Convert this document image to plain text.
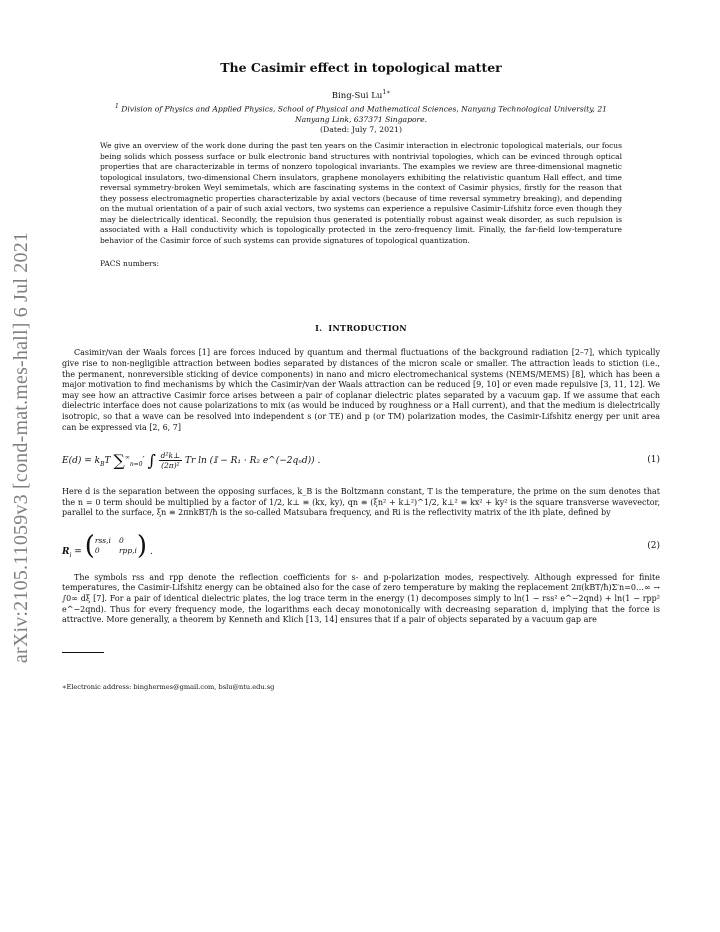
arXiv:2105.11059v3 [cond-mat.mes-hall] 6 Jul 2021
The Casimir effect in topological matter
Bing-Sui $Lu^{1∗}$
$^1$ Division of Physics and Applied Physics, School of Physical and Mathematical Sciences, Nanyang Technological University, 21 Nanyang Link, 637371 Singapore.
(Dated: July 7, 2021)
We give an overview of the work done during the past ten years on the Casimir interaction in electronic topological materials, our focus being solids which possess surface or bulk electronic band structures with nontrivial topologies, which can be evinced through optical properties that are characterizable in terms of nonzero topological invariants. The examples we review are three-dimensional magnetic topological insulators, two-dimensional Chern insulators, graphene monolayers exhibiting the relativistic quantum Hall effect, and time reversal symmetry-broken Weyl semimetals, which are fascinating systems in the context of Casimir physics, firstly for the reason that they possess electromagnetic properties characterizable by axial vectors (because of time reversal symmetry breaking), and depending on the mutual orientation of a pair of such axial vectors, two systems can experience a repulsive Casimir-Lifshitz force even though they may be dielectrically identical. Secondly, the repulsion thus generated is potentially robust against weak disorder, as such repulsion is associated with a Hall conductivity which is topologically protected in the zero-frequency limit. Finally, the far-field low-temperature behavior of the Casimir force of such systems can provide signatures of topological quantization.
PACS numbers:
I. INTRODUCTION

Casimir/van der Waals forces [1] are forces induced by quantum and thermal fluctuations of the background radiation [2–7], which typically give rise to non-negligible attraction between bodies separated by distances of the micron scale or smaller. The attraction leads to stiction (i.e., the permanent, nonreversible sticking of device components) in nano and micro electromechanical systems (NEMS/MEMS) [8], which has been a major motivation to find mechanisms by which the Casimir/van der Waals attraction can be reduced [9, 10] or even made repulsive [3, 11, 12]. We may see how an attractive Casimir force arises between a pair of coplanar dielectric plates separated by a vacuum gap. If we assume that each dielectric interface does not cause polarizations to mix (as would be induced by roughness or a Hall current), and that the medium is dielectrically isotropic, so that a wave can be resolved into independent s (or TE) and p (or TM) polarization modes, the Casimir-Lifshitz energy per unit area can be expressed via [2, 6, 7]

$E(d) = k_BT$ $\sum^\infty_{n=0}'$ ∫ $\frac{\text{d²k⊥}}{\text{(2π)²}}$ Tr ln (𝕀 − R₁ · R₂ e^(−2qₙd)) .	(1)

Here d is the separation between the opposing surfaces, k_B is the Boltzmann constant, T is the temperature, the prime on the sum denotes that the n = 0 term should be multiplied by a factor of 1/2, k⊥ ≡ (kx, ky), qn ≡ (ξn² + k⊥²)^1/2, k⊥² ≡ kx² + ky² is the square transverse wavevector, parallel to the surface, ξn ≡ 2πnkBT/ħ is the so-called Matsubara frequency, and Ri is the reflectivity matrix of the ith plate, defined by

$R_i$ = ( rss,i 0
0	rpp,i ) .
(2)

The symbols rss and rpp denote the reflection coefficients for s- and p-polarization modes, respectively. Although expressed for finite temperatures, the Casimir-Lifshitz energy can be obtained also for the case of zero temperature by making the replacement 2π(kBT/ħ)Σ′n=0…∞ → ∫0∞ dξ [7]. For a pair of identical dielectric plates, the log trace term in the energy (1) decomposes simply to ln(1 − rss² e^−2qnd) + ln(1 − rpp² e^−2qnd). Thus for every frequency mode, the logarithms each decay monotonically with decreasing separation d, implying that the force is attractive. More generally, a theorem by Kenneth and Klich [13, 14] ensures that if a pair of objects separated by a vacuum gap are

∗Electronic address: binghermes@gmail.com, bslu@ntu.edu.sg
